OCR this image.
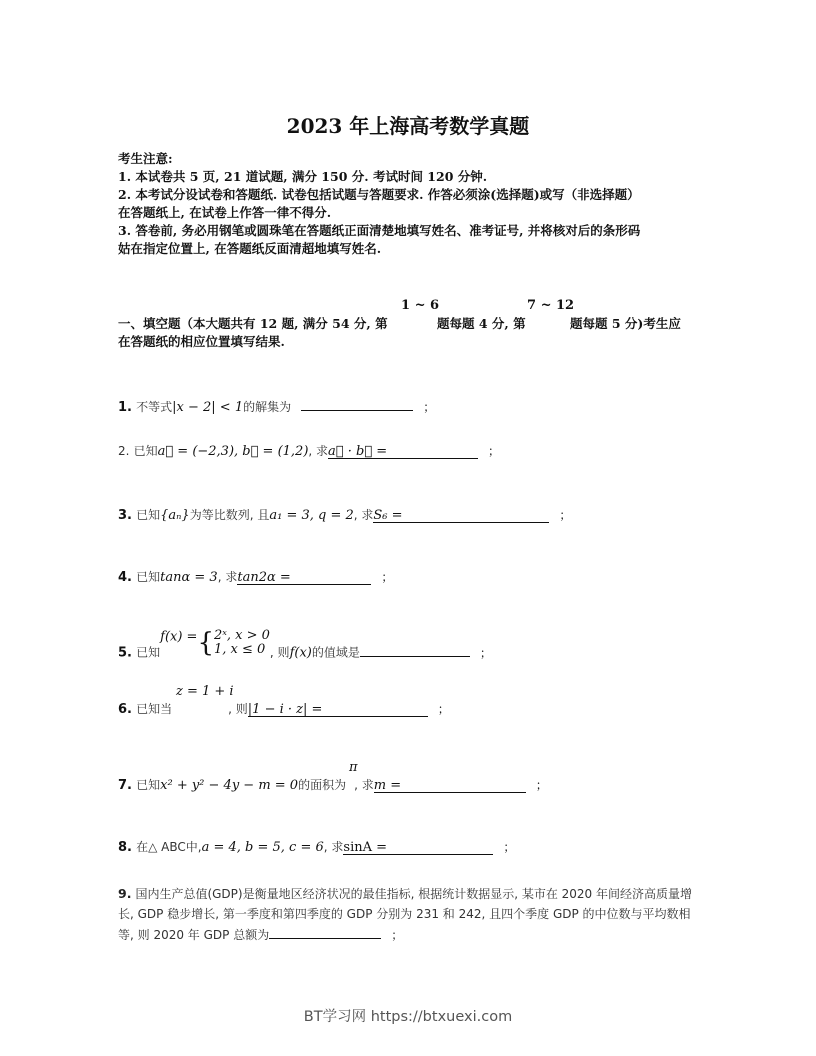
2023 年上海高考数学真题
考生注意:
1. 本试卷共 5 页, 21 道试题, 满分 150 分. 考试时间 120 分钟.
2. 本考试分设试卷和答题纸. 试卷包括试题与答题要求. 作答必须涂(选择题)或写（非选择题）
在答题纸上, 在试卷上作答一律不得分.
3. 答卷前, 务必用钢笔或圆珠笔在答题纸正面清楚地填写姓名、准考证号, 并将核对后的条形码
姑在指定位置上, 在答题纸反面清超地填写姓名.
一、填空题（本大题共有 12 题, 满分 54 分, 第
1 ~ 6
题每题 4 分, 第
7 ~ 12
题每题 5 分)考生应
在答题纸的相应位置填写结果.
1. 不等式|x − 2| < 1的解集为	；
2. 已知a⃗ = (−2,3), b⃗ = (1,2), 求a⃗ · b⃗ =	；
3. 已知{aₙ}为等比数列, 且a₁ = 3, q = 2, 求S₆ =	；
4. 已知tanα = 3, 求tan2α =	；
5. 已知f(x) ={2ˣ, x > 0
1, x ≤ 0 , 则f(x)的值域是	；
z = 1 + i
6. 已知当	, 则|1 − i · z| =	；
π
7. 已知x² + y² − 4y − m = 0的面积为 , 求m =	；
8. 在△ ABC中,a = 4, b = 5, c = 6, 求sinA =	；
9. 国内生产总值(GDP)是衡量地区经济状况的最佳指标, 根据统计数据显示, 某市在 2020 年间经济高质量增长, GDP 稳步增长, 第一季度和第四季度的 GDP 分别为 231 和 242, 且四个季度 GDP 的中位数与平均数相等, 则 2020 年 GDP 总额为	；
BT学习网 https://btxuexi.com
